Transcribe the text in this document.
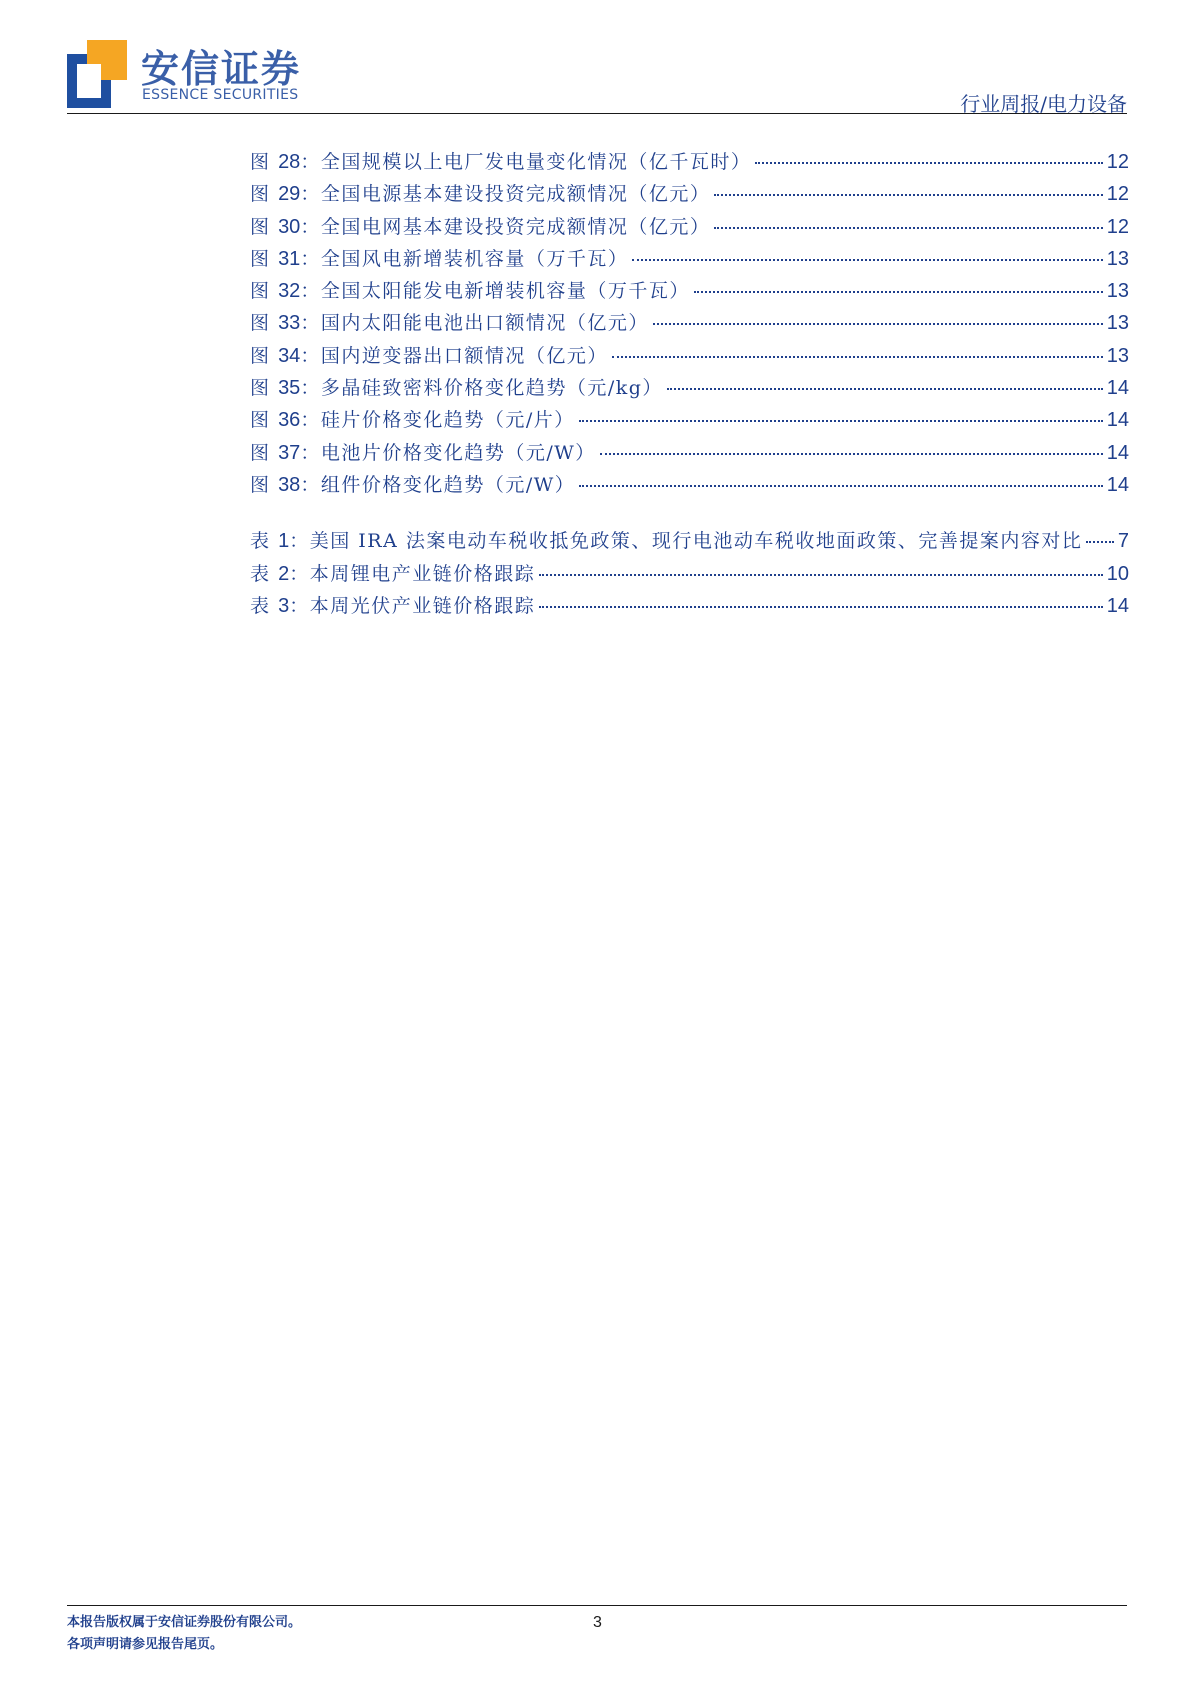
安信证券
ESSENCE SECURITIES	行业周报/电力设备
图 28：全国规模以上电厂发电量变化情况（亿千瓦时）	12
图 29：全国电源基本建设投资完成额情况（亿元）	12
图 30：全国电网基本建设投资完成额情况（亿元）	12
图 31：全国风电新增装机容量（万千瓦）	13
图 32：全国太阳能发电新增装机容量（万千瓦）	13
图 33：国内太阳能电池出口额情况（亿元）	13
图 34：国内逆变器出口额情况（亿元）	13
图 35：多晶硅致密料价格变化趋势（元/kg）	14
图 36：硅片价格变化趋势（元/片）	14
图 37：电池片价格变化趋势（元/W）	14
图 38：组件价格变化趋势（元/W）	14
表 1：美国 IRA 法案电动车税收抵免政策、现行电池动车税收地面政策、完善提案内容对比 7
表 2：本周锂电产业链价格跟踪	10
表 3：本周光伏产业链价格跟踪	14
本报告版权属于安信证券股份有限公司。
各项声明请参见报告尾页。
3
